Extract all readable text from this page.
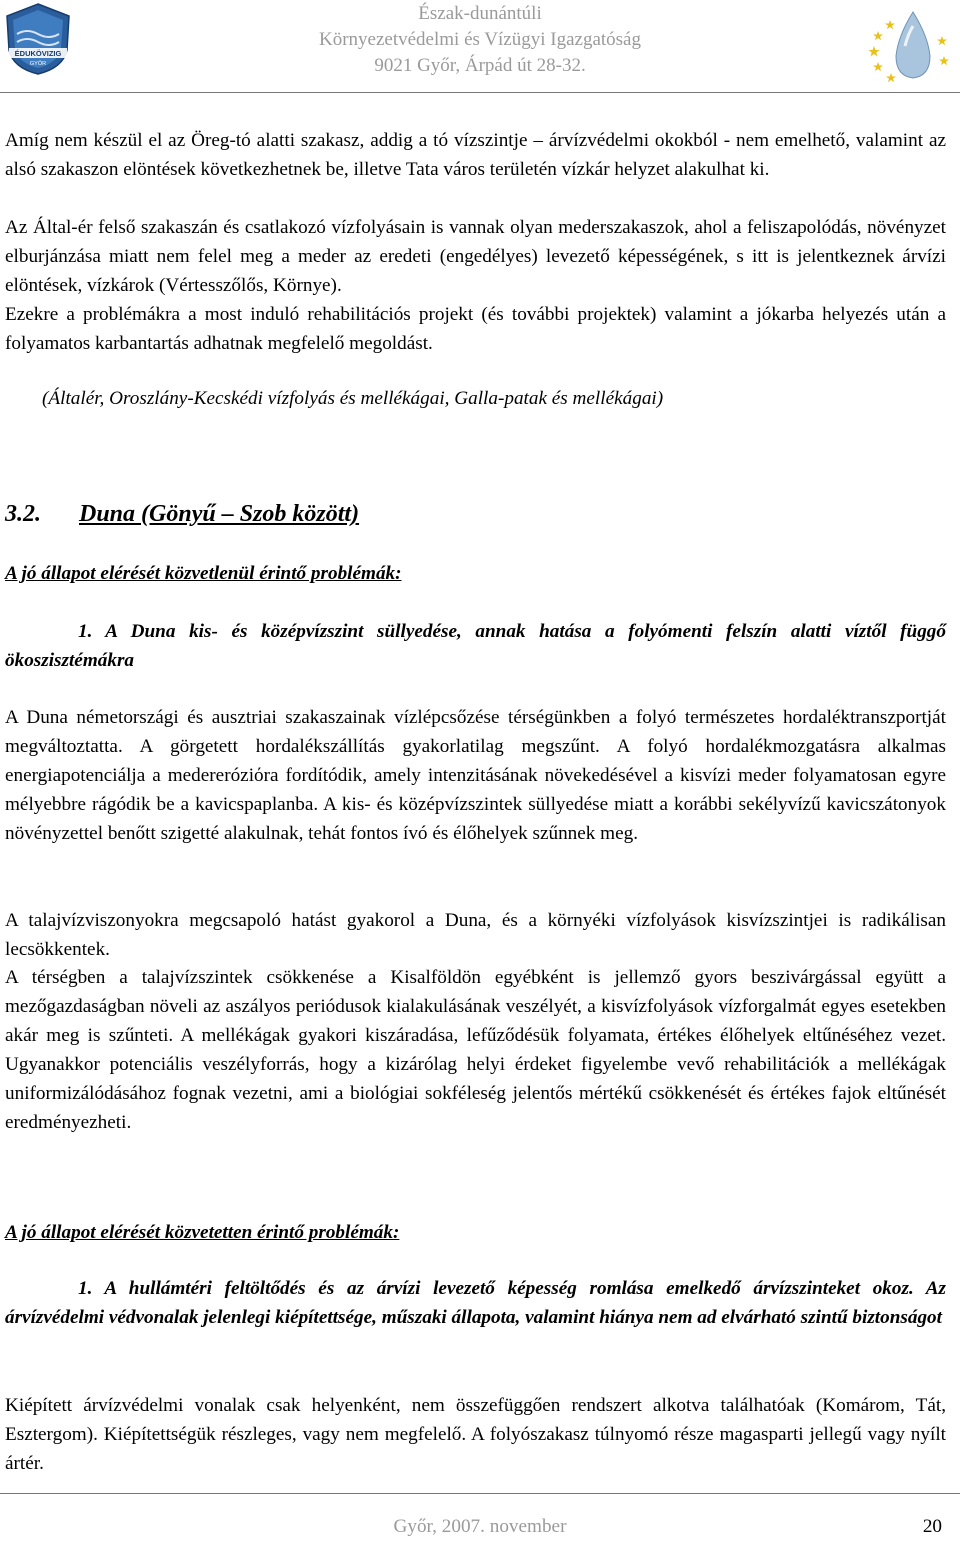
ÉDUKÖVIZIG
GYŐR
Észak-dunántúli
Környezetvédelmi és Vízügyi Igazgatóság
9021 Győr, Árpád út 28-32.

Amíg nem készül el az Öreg-tó alatti szakasz, addig a tó vízszintje – árvízvédelmi okokból - nem emelhető, valamint az alsó szakaszon elöntések következhetnek be, illetve Tata város területén vízkár helyzet alakulhat ki.

Az Által-ér felső szakaszán és csatlakozó vízfolyásain is vannak olyan mederszakaszok, ahol a feliszapolódás, növényzet elburjánzása miatt nem felel meg a meder az eredeti (engedélyes) levezető képességének, s itt is jelentkeznek árvízi elöntések, vízkárok (Vértesszőlős, Környe).

Ezekre a problémákra a most induló rehabilitációs projekt (és további projektek) valamint a jókarba helyezés után a folyamatos karbantartás adhatnak megfelelő megoldást.

(Általér, Oroszlány-Kecskédi vízfolyás és mellékágai, Galla-patak és mellékágai)

3.2. Duna (Gönyű – Szob között)
A jó állapot elérését közvetlenül érintő problémák:

1. A Duna kis- és középvízszint süllyedése, annak hatása a folyómenti felszín alatti víztől függő ökoszisztémákra

A Duna németországi és ausztriai szakaszainak vízlépcsőzése térségünkben a folyó természetes hordaléktranszportját megváltoztatta. A görgetett hordalékszállítás gyakorlatilag megszűnt. A folyó hordalékmozgatásra alkalmas energiapotenciálja a medereróziόra fordítódik, amely intenzitásának növekedésével a kisvízi meder folyamatosan egyre mélyebbre rágódik be a kavicspaplanba. A kis- és középvízszintek süllyedése miatt a korábbi sekélyvízű kavicszátonyok növényzettel benőtt szigetté alakulnak, tehát fontos ívó és élőhelyek szűnnek meg.

A talajvízviszonyokra megcsapoló hatást gyakorol a Duna, és a környéki vízfolyások kisvízszintjei is radikálisan lecsökkentek.

A térségben a talajvízszintek csökkenése a Kisalföldön egyébként is jellemző gyors beszivárgással együtt a mezőgazdaságban növeli az aszályos periódusok kialakulásának veszélyét, a kisvízfolyások vízforgalmát egyes esetekben akár meg is szűnteti. A mellékágak gyakori kiszáradása, lefűződésük folyamata, értékes élőhelyek eltűnéséhez vezet. Ugyanakkor potenciális veszélyforrás, hogy a kizárólag helyi érdeket figyelembe vevő rehabilitációk a mellékágak uniformizálódásához fognak vezetni, ami a biológiai sokféleség jelentős mértékű csökkenését és értékes fajok eltűnését eredményezheti.

A jó állapot elérését közvetetten érintő problémák:

1. A hullámtéri feltöltődés és az árvízi levezető képesség romlása emelkedő árvízszinteket okoz. Az árvízvédelmi védvonalak jelenlegi kiépítettsége, műszaki állapota, valamint hiánya nem ad elvárható szintű biztonságot

Kiépített árvízvédelmi vonalak csak helyenként, nem összefüggően rendszert alkotva találhatóak (Komárom, Tát, Esztergom). Kiépítettségük részleges, vagy nem megfelelő. A folyószakasz túlnyomó része magasparti jellegű vagy nyílt ártér.

Győr, 2007. november	20
